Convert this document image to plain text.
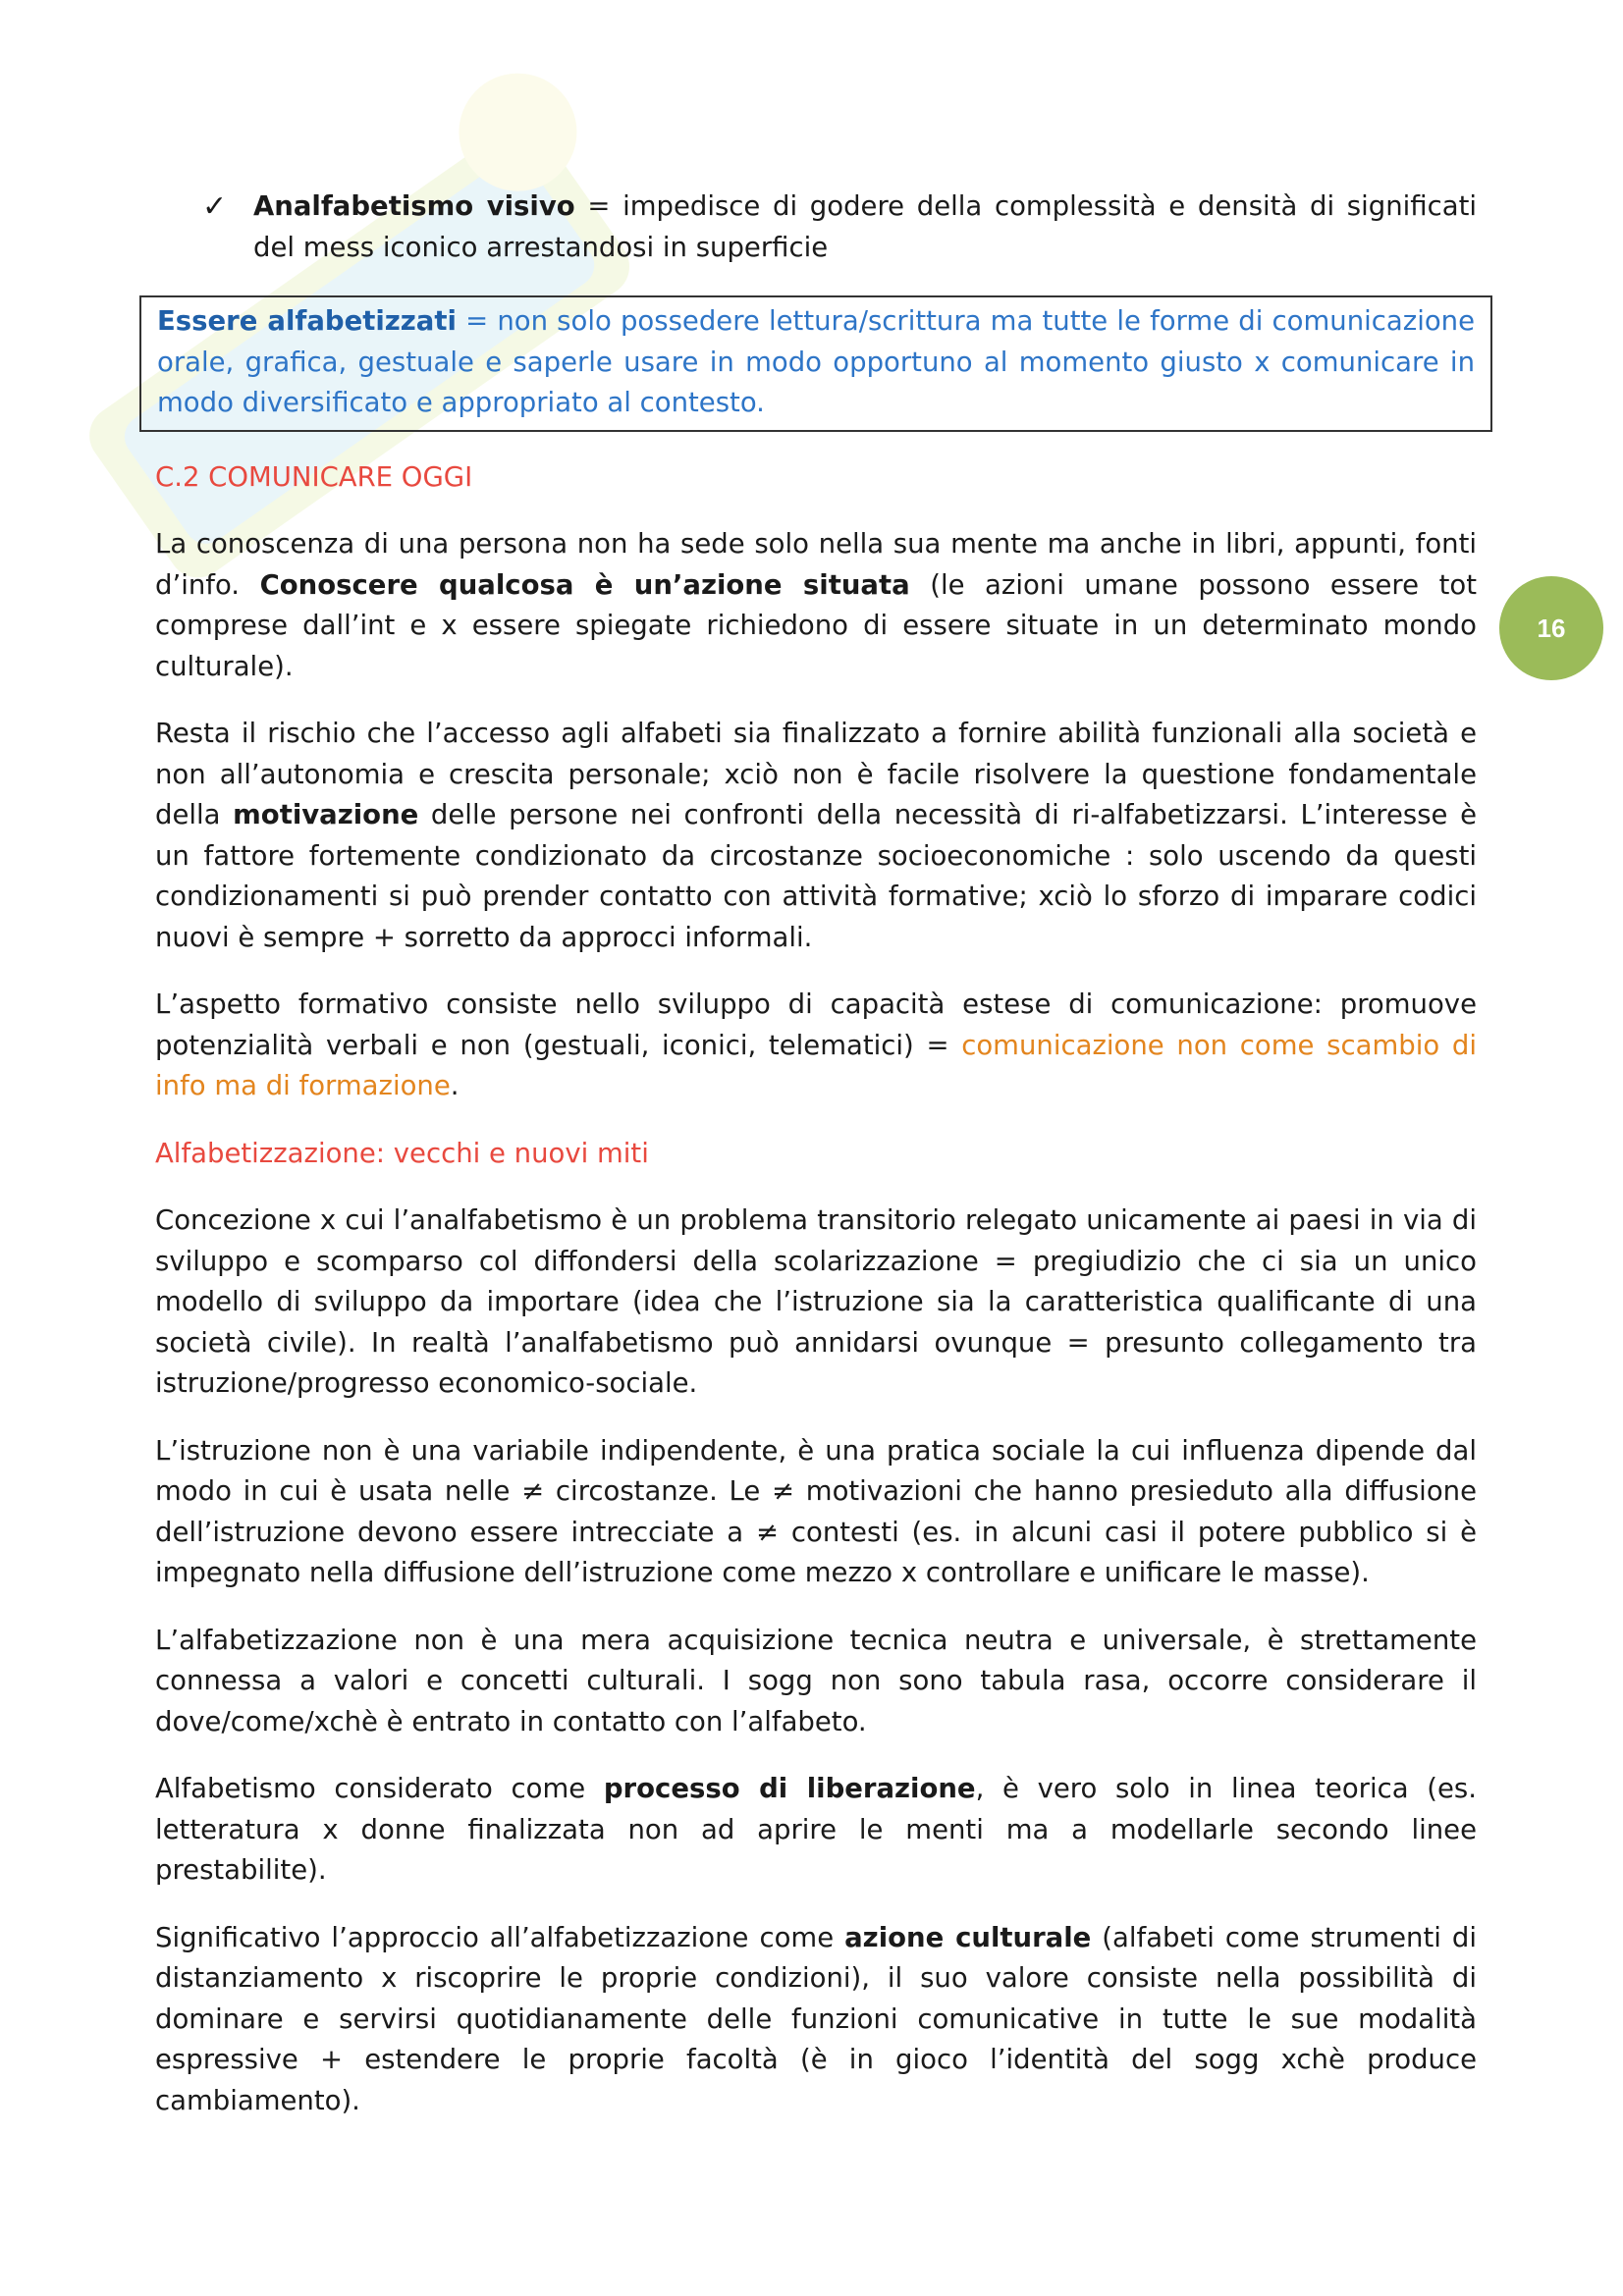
16
✓ Analfabetismo visivo = impedisce di godere della complessità e densità di significati del mess iconico arrestandosi in superficie
Essere alfabetizzati = non solo possedere lettura/scrittura ma tutte le forme di comunicazione orale, grafica, gestuale e saperle usare in modo opportuno al momento giusto x comunicare in modo diversificato e appropriato al contesto.
C.2 COMUNICARE OGGI

La conoscenza di una persona non ha sede solo nella sua mente ma anche in libri, appunti, fonti d’info. Conoscere qualcosa è un’azione situata (le azioni umane possono essere tot comprese dall’int e x essere spiegate richiedono di essere situate in un determinato mondo culturale).

Resta il rischio che l’accesso agli alfabeti sia finalizzato a fornire abilità funzionali alla società e non all’autonomia e crescita personale; xciò non è facile risolvere la questione fondamentale della motivazione delle persone nei confronti della necessità di ri-alfabetizzarsi. L’interesse è un fattore fortemente condizionato da circostanze socioeconomiche : solo uscendo da questi condizionamenti si può prender contatto con attività formative; xciò lo sforzo di imparare codici nuovi è sempre + sorretto da approcci informali.

L’aspetto formativo consiste nello sviluppo di capacità estese di comunicazione: promuove potenzialità verbali e non (gestuali, iconici, telematici) = comunicazione non come scambio di info ma di formazione.

Alfabetizzazione: vecchi e nuovi miti

Concezione x cui l’analfabetismo è un problema transitorio relegato unicamente ai paesi in via di sviluppo e scomparso col diffondersi della scolarizzazione = pregiudizio che ci sia un unico modello di sviluppo da importare (idea che l’istruzione sia la caratteristica qualificante di una società civile). In realtà l’analfabetismo può annidarsi ovunque = presunto collegamento tra istruzione/progresso economico-sociale.

L’istruzione non è una variabile indipendente, è una pratica sociale la cui influenza dipende dal modo in cui è usata nelle ≠ circostanze. Le ≠ motivazioni che hanno presieduto alla diffusione dell’istruzione devono essere intrecciate a ≠ contesti (es. in alcuni casi il potere pubblico si è impegnato nella diffusione dell’istruzione come mezzo x controllare e unificare le masse).

L’alfabetizzazione non è una mera acquisizione tecnica neutra e universale, è strettamente connessa a valori e concetti culturali. I sogg non sono tabula rasa, occorre considerare il dove/come/xchè è entrato in contatto con l’alfabeto.

Alfabetismo considerato come processo di liberazione, è vero solo in linea teorica (es. letteratura x donne finalizzata non ad aprire le menti ma a modellarle secondo linee prestabilite).

Significativo l’approccio all’alfabetizzazione come azione culturale (alfabeti come strumenti di distanziamento x riscoprire le proprie condizioni), il suo valore consiste nella possibilità di dominare e servirsi quotidianamente delle funzioni comunicative in tutte le sue modalità espressive + estendere le proprie facoltà (è in gioco l’identità del sogg xchè produce cambiamento).
